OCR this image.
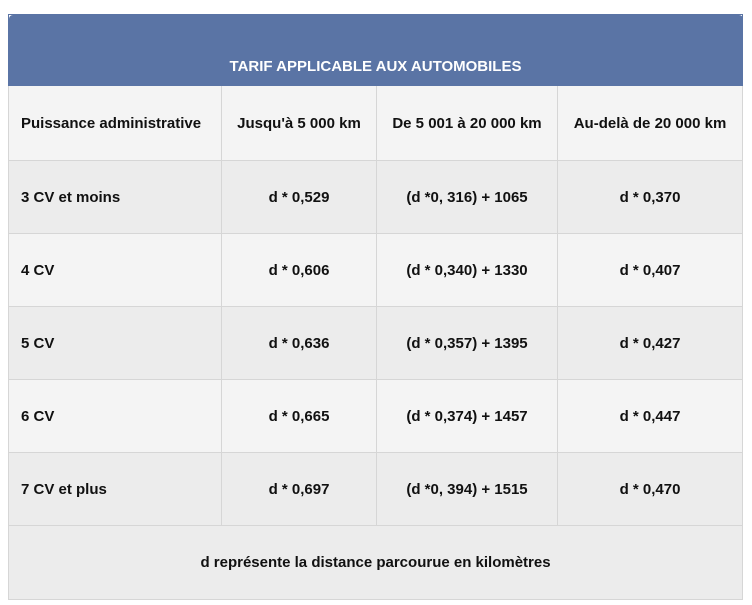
TARIF APPLICABLE AUX AUTOMOBILES			
Puissance administrative	Jusqu'à 5 000 km	De 5 001 à 20 000 km	Au-delà de 20 000 km
3 CV et moins	d * 0,529	(d *0, 316) + 1065	d * 0,370
4 CV	d * 0,606	(d * 0,340) + 1330	d * 0,407
5 CV	d * 0,636	(d * 0,357) + 1395	d * 0,427
6 CV	d * 0,665	(d * 0,374) + 1457	d * 0,447
7 CV et plus	d * 0,697	(d *0, 394) + 1515	d * 0,470
d représente la distance parcourue en kilomètres			
